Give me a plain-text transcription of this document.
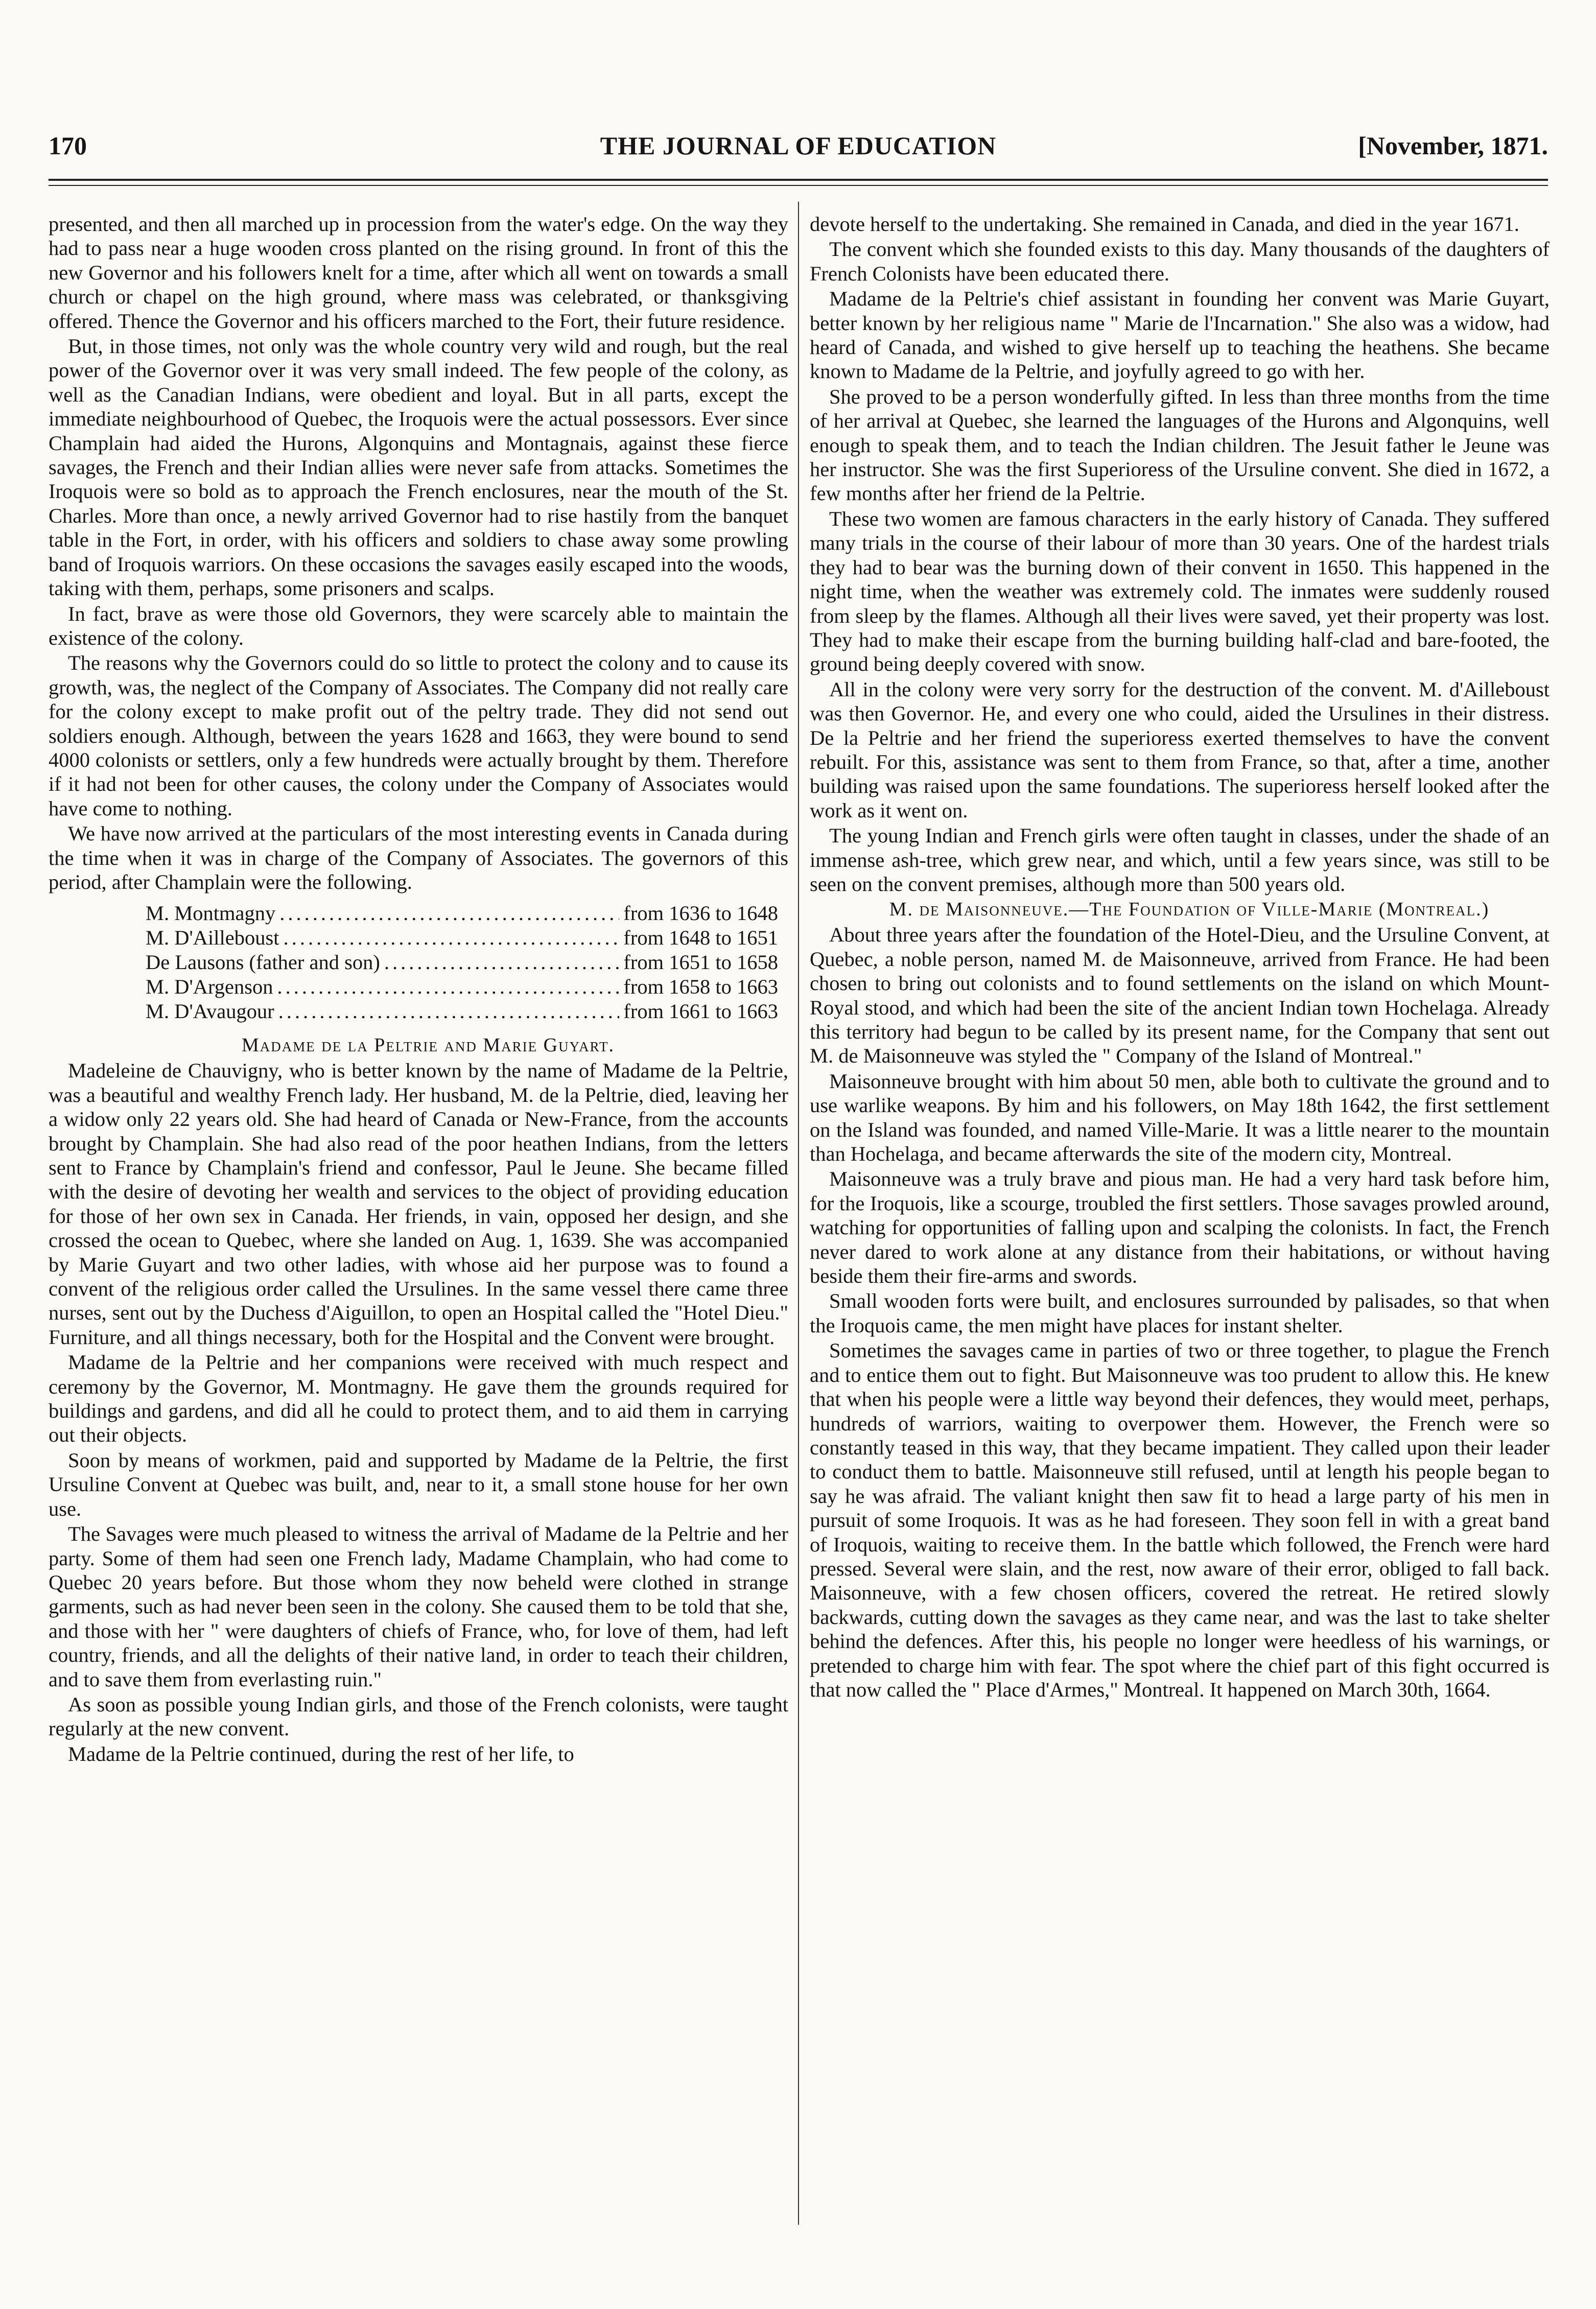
170	THE JOURNAL OF EDUCATION	[November, 1871.

presented, and then all marched up in procession from the water's edge. On the way they had to pass near a huge wooden cross planted on the rising ground. In front of this the new Governor and his followers knelt for a time, after which all went on towards a small church or chapel on the high ground, where mass was celebrated, or thanksgiving offered. Thence the Governor and his officers marched to the Fort, their future residence.

But, in those times, not only was the whole country very wild and rough, but the real power of the Governor over it was very small indeed. The few people of the colony, as well as the Canadian Indians, were obedient and loyal. But in all parts, except the immediate neighbourhood of Quebec, the Iroquois were the actual possessors. Ever since Champlain had aided the Hurons, Algonquins and Montagnais, against these fierce savages, the French and their Indian allies were never safe from attacks. Sometimes the Iroquois were so bold as to approach the French enclosures, near the mouth of the St. Charles. More than once, a newly arrived Governor had to rise hastily from the banquet table in the Fort, in order, with his officers and soldiers to chase away some prowling band of Iroquois warriors. On these occasions the savages easily escaped into the woods, taking with them, perhaps, some prisoners and scalps.

In fact, brave as were those old Governors, they were scarcely able to maintain the existence of the colony.

The reasons why the Governors could do so little to protect the colony and to cause its growth, was, the neglect of the Company of Associates. The Company did not really care for the colony except to make profit out of the peltry trade. They did not send out soldiers enough. Although, between the years 1628 and 1663, they were bound to send 4000 colonists or settlers, only a few hundreds were actually brought by them. Therefore if it had not been for other causes, the colony under the Company of Associates would have come to nothing.

We have now arrived at the particulars of the most interesting events in Canada during the time when it was in charge of the Company of Associates. The governors of this period, after Champlain were the following.

M. Montmagny .....	from 1636 to 1648
M. D'Ailleboust .....	from 1648 to 1651
De Lausons (father and son) .....	from 1651 to 1658
M. D'Argenson .....	from 1658 to 1663
M. D'Avaugour .....	from 1661 to 1663

Madame de la Peltrie and Marie Guyart.

Madeleine de Chauvigny, who is better known by the name of Madame de la Peltrie, was a beautiful and wealthy French lady. Her husband, M. de la Peltrie, died, leaving her a widow only 22 years old. She had heard of Canada or New-France, from the accounts brought by Champlain. She had also read of the poor heathen Indians, from the letters sent to France by Champlain's friend and confessor, Paul le Jeune. She became filled with the desire of devoting her wealth and services to the object of providing education for those of her own sex in Canada. Her friends, in vain, opposed her design, and she crossed the ocean to Quebec, where she landed on Aug. 1, 1639. She was accompanied by Marie Guyart and two other ladies, with whose aid her purpose was to found a convent of the religious order called the Ursulines. In the same vessel there came three nurses, sent out by the Duchess d'Aiguillon, to open an Hospital called the "Hotel Dieu." Furniture, and all things necessary, both for the Hospital and the Convent were brought.

Madame de la Peltrie and her companions were received with much respect and ceremony by the Governor, M. Montmagny. He gave them the grounds required for buildings and gardens, and did all he could to protect them, and to aid them in carrying out their objects.

Soon by means of workmen, paid and supported by Madame de la Peltrie, the first Ursuline Convent at Quebec was built, and, near to it, a small stone house for her own use.

The Savages were much pleased to witness the arrival of Madame de la Peltrie and her party. Some of them had seen one French lady, Madame Champlain, who had come to Quebec 20 years before. But those whom they now beheld were clothed in strange garments, such as had never been seen in the colony. She caused them to be told that she, and those with her " were daughters of chiefs of France, who, for love of them, had left country, friends, and all the delights of their native land, in order to teach their children, and to save them from everlasting ruin."

As soon as possible young Indian girls, and those of the French colonists, were taught regularly at the new convent.

Madame de la Peltrie continued, during the rest of her life, to

devote herself to the undertaking. She remained in Canada, and died in the year 1671.

The convent which she founded exists to this day. Many thousands of the daughters of French Colonists have been educated there.

Madame de la Peltrie's chief assistant in founding her convent was Marie Guyart, better known by her religious name " Marie de l'Incarnation." She also was a widow, had heard of Canada, and wished to give herself up to teaching the heathens. She became known to Madame de la Peltrie, and joyfully agreed to go with her.

She proved to be a person wonderfully gifted. In less than three months from the time of her arrival at Quebec, she learned the languages of the Hurons and Algonquins, well enough to speak them, and to teach the Indian children. The Jesuit father le Jeune was her instructor. She was the first Superioress of the Ursuline convent. She died in 1672, a few months after her friend de la Peltrie.

These two women are famous characters in the early history of Canada. They suffered many trials in the course of their labour of more than 30 years. One of the hardest trials they had to bear was the burning down of their convent in 1650. This happened in the night time, when the weather was extremely cold. The inmates were suddenly roused from sleep by the flames. Although all their lives were saved, yet their property was lost. They had to make their escape from the burning building half-clad and bare-footed, the ground being deeply covered with snow.

All in the colony were very sorry for the destruction of the convent. M. d'Ailleboust was then Governor. He, and every one who could, aided the Ursulines in their distress. De la Peltrie and her friend the superioress exerted themselves to have the convent rebuilt. For this, assistance was sent to them from France, so that, after a time, another building was raised upon the same foundations. The superioress herself looked after the work as it went on.

The young Indian and French girls were often taught in classes, under the shade of an immense ash-tree, which grew near, and which, until a few years since, was still to be seen on the convent premises, although more than 500 years old.

M. de Maisonneuve.—The Foundation of Ville-Marie (Montreal.)

About three years after the foundation of the Hotel-Dieu, and the Ursuline Convent, at Quebec, a noble person, named M. de Maisonneuve, arrived from France. He had been chosen to bring out colonists and to found settlements on the island on which Mount-Royal stood, and which had been the site of the ancient Indian town Hochelaga. Already this territory had begun to be called by its present name, for the Company that sent out M. de Maisonneuve was styled the " Company of the Island of Montreal."

Maisonneuve brought with him about 50 men, able both to cultivate the ground and to use warlike weapons. By him and his followers, on May 18th 1642, the first settlement on the Island was founded, and named Ville-Marie. It was a little nearer to the mountain than Hochelaga, and became afterwards the site of the modern city, Montreal.

Maisonneuve was a truly brave and pious man. He had a very hard task before him, for the Iroquois, like a scourge, troubled the first settlers. Those savages prowled around, watching for opportunities of falling upon and scalping the colonists. In fact, the French never dared to work alone at any distance from their habitations, or without having beside them their fire-arms and swords.

Small wooden forts were built, and enclosures surrounded by palisades, so that when the Iroquois came, the men might have places for instant shelter.

Sometimes the savages came in parties of two or three together, to plague the French and to entice them out to fight. But Maisonneuve was too prudent to allow this. He knew that when his people were a little way beyond their defences, they would meet, perhaps, hundreds of warriors, waiting to overpower them. However, the French were so constantly teased in this way, that they became impatient. They called upon their leader to conduct them to battle. Maisonneuve still refused, until at length his people began to say he was afraid. The valiant knight then saw fit to head a large party of his men in pursuit of some Iroquois. It was as he had foreseen. They soon fell in with a great band of Iroquois, waiting to receive them. In the battle which followed, the French were hard pressed. Several were slain, and the rest, now aware of their error, obliged to fall back. Maisonneuve, with a few chosen officers, covered the retreat. He retired slowly backwards, cutting down the savages as they came near, and was the last to take shelter behind the defences. After this, his people no longer were heedless of his warnings, or pretended to charge him with fear. The spot where the chief part of this fight occurred is that now called the " Place d'Armes," Montreal. It happened on March 30th, 1664.
